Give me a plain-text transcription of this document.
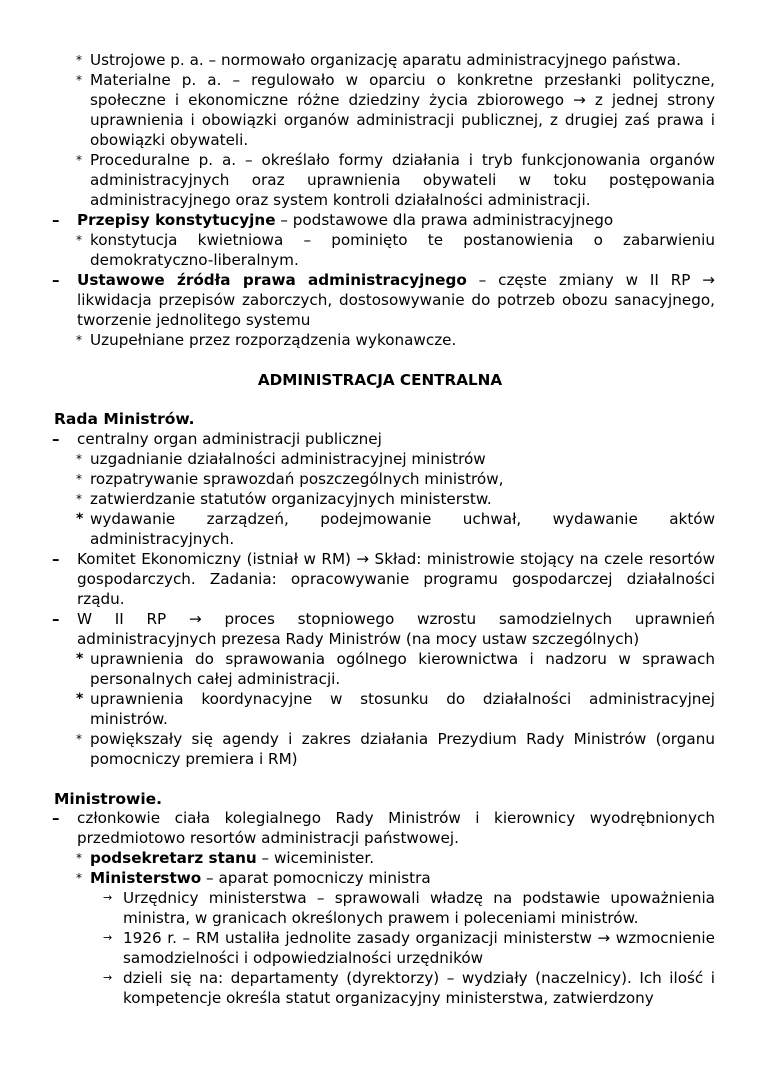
* Ustrojowe p. a. – normowało organizację aparatu administracyjnego państwa.
* Materialne p. a. – regulowało w oparciu o konkretne przesłanki polityczne, społeczne i ekonomiczne różne dziedziny życia zbiorowego → z jednej strony uprawnienia i obowiązki organów administracji publicznej, z drugiej zaś prawa i obowiązki obywateli.
* Proceduralne p. a. – określało formy działania i tryb funkcjonowania organów administracyjnych oraz uprawnienia obywateli w toku postępowania administracyjnego oraz system kontroli działalności administracji.
– Przepisy konstytucyjne – podstawowe dla prawa administracyjnego
* konstytucja kwietniowa – pominięto te postanowienia o zabarwieniu demokratyczno-liberalnym.
– Ustawowe źródła prawa administracyjnego – częste zmiany w II RP → likwidacja przepisów zaborczych, dostosowywanie do potrzeb obozu sanacyjnego, tworzenie jednolitego systemu
* Uzupełniane przez rozporządzenia wykonawcze.
ADMINISTRACJA CENTRALNA
Rada Ministrów.
– centralny organ administracji publicznej
* uzgadnianie działalności administracyjnej ministrów
* rozpatrywanie sprawozdań poszczególnych ministrów,
* zatwierdzanie statutów organizacyjnych ministerstw.
* wydawanie zarządzeń, podejmowanie uchwał, wydawanie aktów administracyjnych.
– Komitet Ekonomiczny (istniał w RM) → Skład: ministrowie stojący na czele resortów gospodarczych. Zadania: opracowywanie programu gospodarczej działalności rządu.
– W II RP → proces stopniowego wzrostu samodzielnych uprawnień administracyjnych prezesa Rady Ministrów (na mocy ustaw szczególnych)
* uprawnienia do sprawowania ogólnego kierownictwa i nadzoru w sprawach personalnych całej administracji.
* uprawnienia koordynacyjne w stosunku do działalności administracyjnej ministrów.
* powiększały się agendy i zakres działania Prezydium Rady Ministrów (organu pomocniczy premiera i RM)
Ministrowie.
– członkowie ciała kolegialnego Rady Ministrów i kierownicy wyodrębnionych przedmiotowo resortów administracji państwowej.
* podsekretarz stanu – wiceminister.
* Ministerstwo – aparat pomocniczy ministra
→ Urzędnicy ministerstwa – sprawowali władzę na podstawie upoważnienia ministra, w granicach określonych prawem i poleceniami ministrów.
→ 1926 r. – RM ustaliła jednolite zasady organizacji ministerstw → wzmocnienie samodzielności i odpowiedzialności urzędników
→ dzieli się na: departamenty (dyrektorzy) – wydziały (naczelnicy). Ich ilość i kompetencje określa statut organizacyjny ministerstwa, zatwierdzony
